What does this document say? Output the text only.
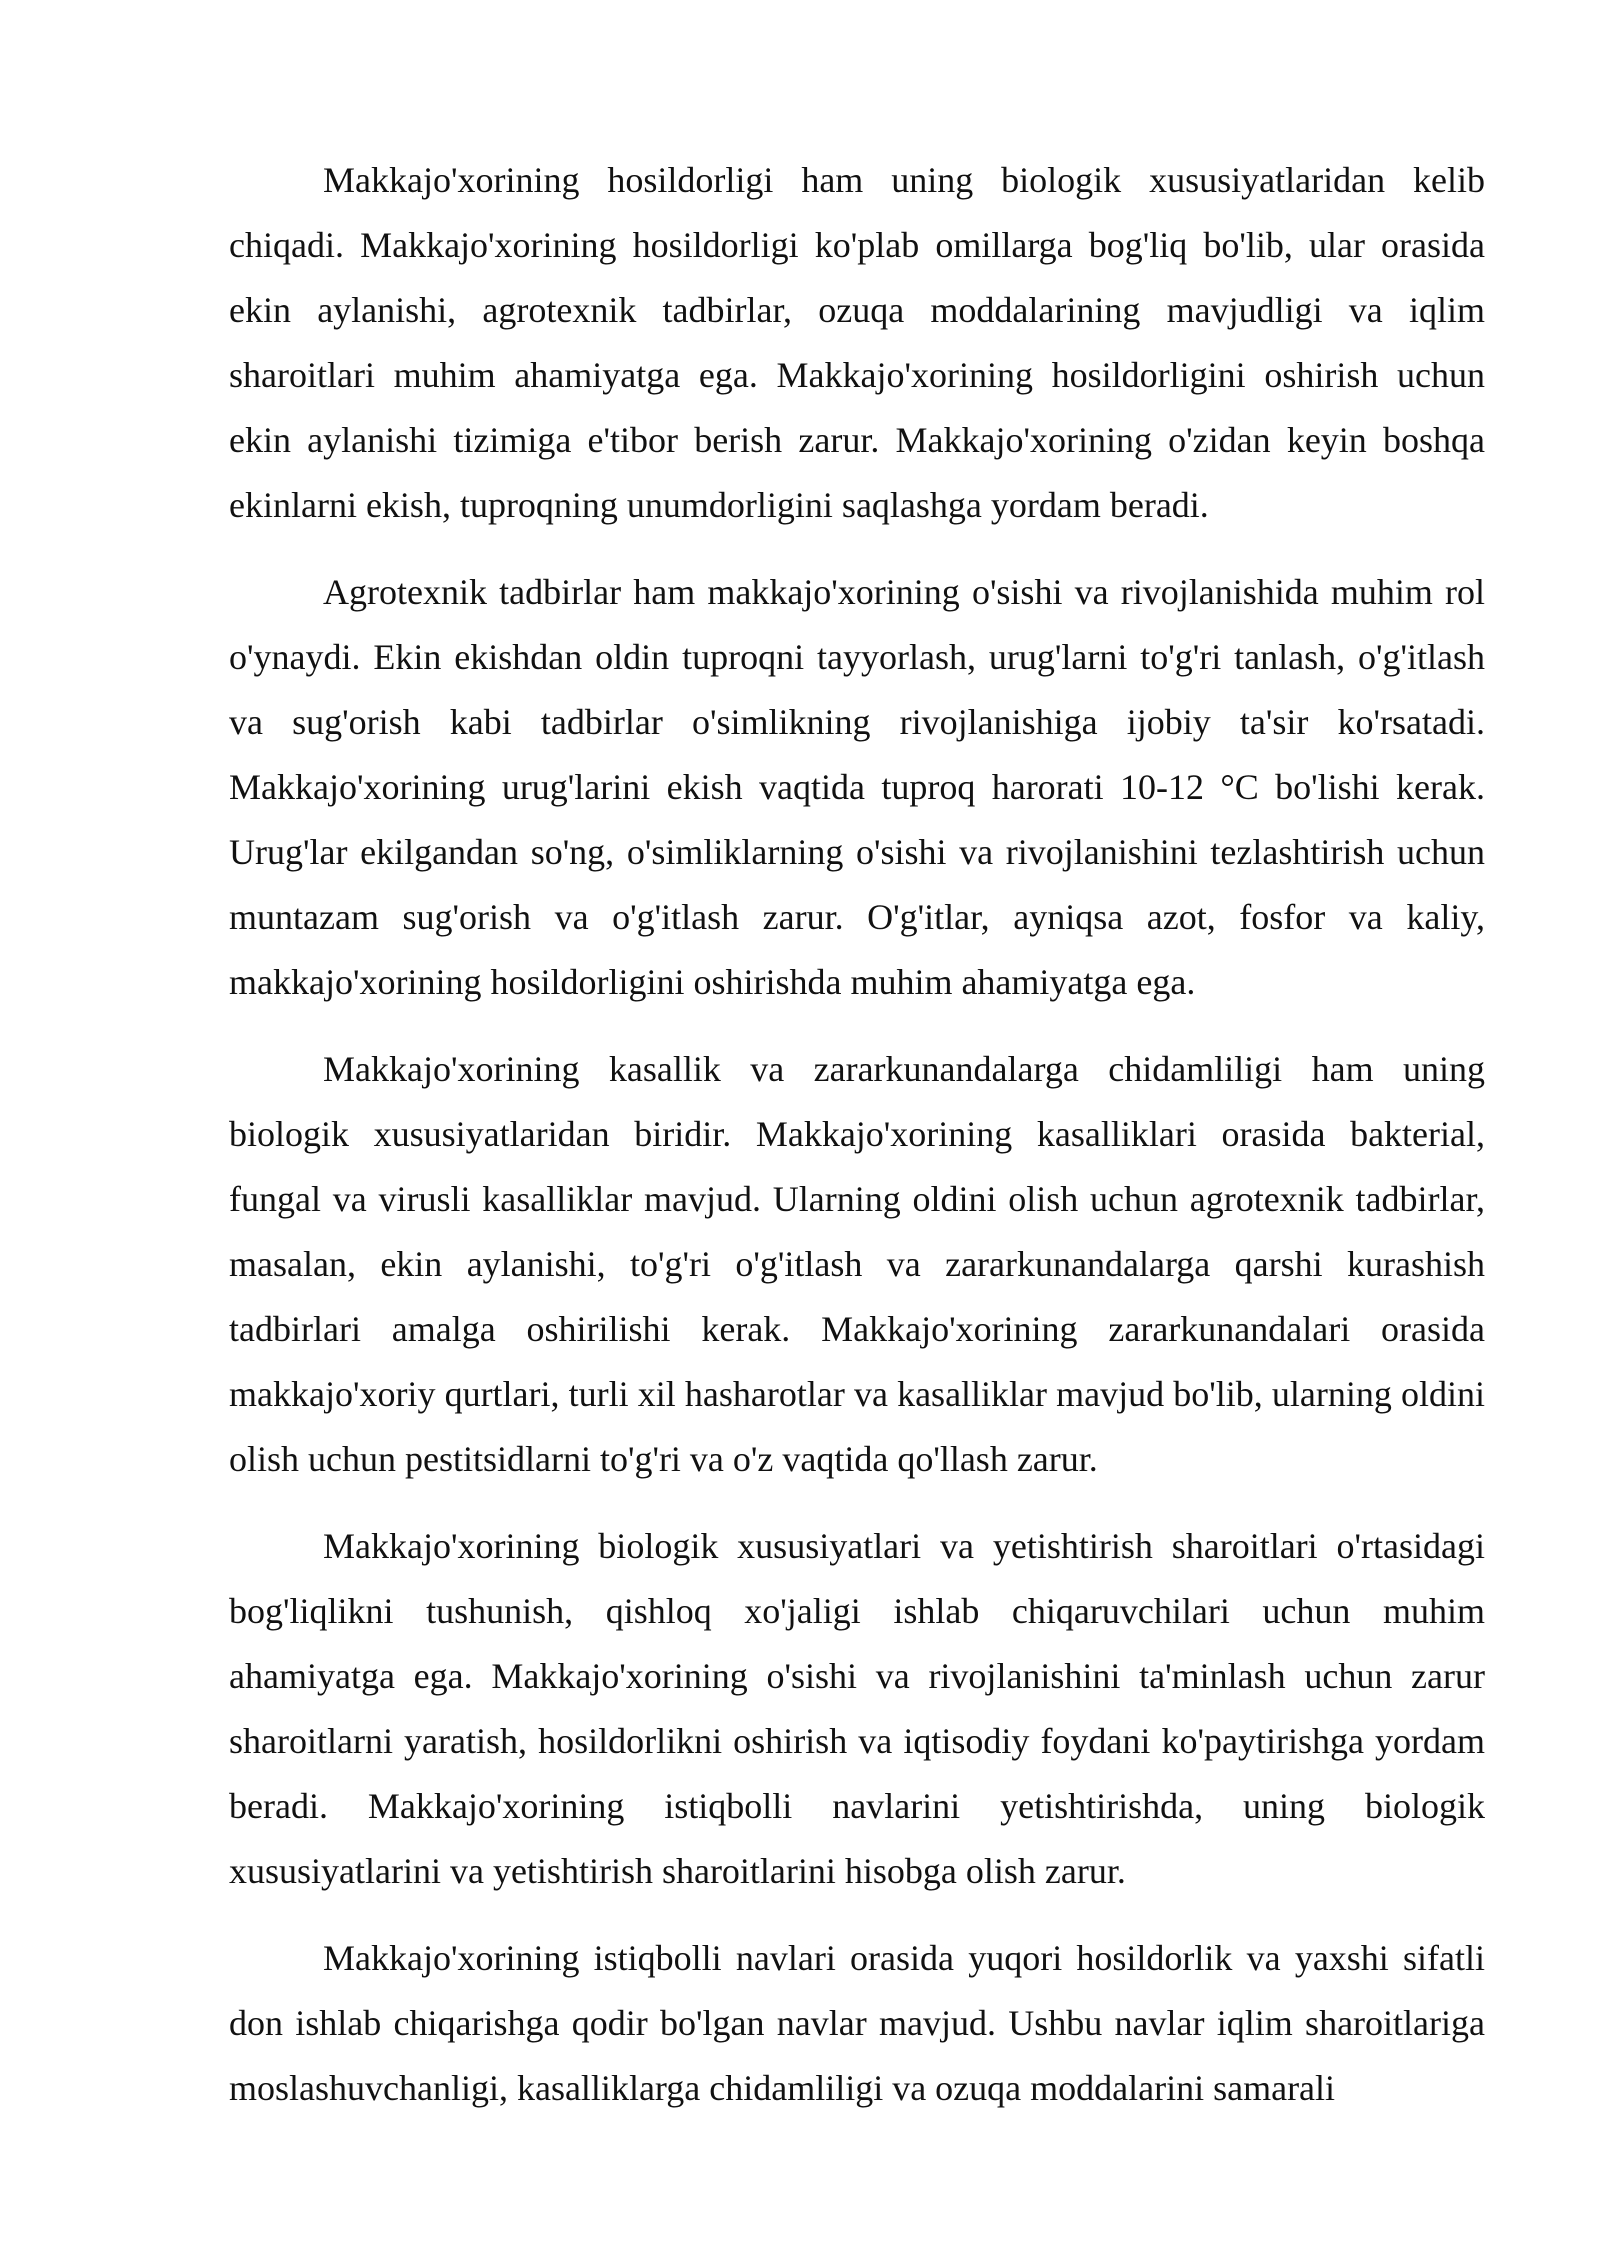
Makkajo'xorining hosildorligi ham uning biologik xususiyatlaridan kelib chiqadi. Makkajo'xorining hosildorligi ko'plab omillarga bog'liq bo'lib, ular orasida ekin aylanishi, agrotexnik tadbirlar, ozuqa moddalarining mavjudligi va iqlim sharoitlari muhim ahamiyatga ega. Makkajo'xorining hosildorligini oshirish uchun ekin aylanishi tizimiga e'tibor berish zarur. Makkajo'xorining o'zidan keyin boshqa ekinlarni ekish, tuproqning unumdorligini saqlashga yordam beradi.

Agrotexnik tadbirlar ham makkajo'xorining o'sishi va rivojlanishida muhim rol o'ynaydi. Ekin ekishdan oldin tuproqni tayyorlash, urug'larni to'g'ri tanlash, o'g'itlash va sug'orish kabi tadbirlar o'simlikning rivojlanishiga ijobiy ta'sir ko'rsatadi. Makkajo'xorining urug'larini ekish vaqtida tuproq harorati 10-12 °C bo'lishi kerak. Urug'lar ekilgandan so'ng, o'simliklarning o'sishi va rivojlanishini tezlashtirish uchun muntazam sug'orish va o'g'itlash zarur. O'g'itlar, ayniqsa azot, fosfor va kaliy, makkajo'xorining hosildorligini oshirishda muhim ahamiyatga ega.

Makkajo'xorining kasallik va zararkunandalarga chidamliligi ham uning biologik xususiyatlaridan biridir. Makkajo'xorining kasalliklari orasida bakterial, fungal va virusli kasalliklar mavjud. Ularning oldini olish uchun agrotexnik tadbirlar, masalan, ekin aylanishi, to'g'ri o'g'itlash va zararkunandalarga qarshi kurashish tadbirlari amalga oshirilishi kerak. Makkajo'xorining zararkunandalari orasida makkajo'xoriy qurtlari, turli xil hasharotlar va kasalliklar mavjud bo'lib, ularning oldini olish uchun pestitsidlarni to'g'ri va o'z vaqtida qo'llash zarur.

Makkajo'xorining biologik xususiyatlari va yetishtirish sharoitlari o'rtasidagi bog'liqlikni tushunish, qishloq xo'jaligi ishlab chiqaruvchilari uchun muhim ahamiyatga ega. Makkajo'xorining o'sishi va rivojlanishini ta'minlash uchun zarur sharoitlarni yaratish, hosildorlikni oshirish va iqtisodiy foydani ko'paytirishga yordam beradi. Makkajo'xorining istiqbolli navlarini yetishtirishda, uning biologik xususiyatlarini va yetishtirish sharoitlarini hisobga olish zarur.

Makkajo'xorining istiqbolli navlari orasida yuqori hosildorlik va yaxshi sifatli don ishlab chiqarishga qodir bo'lgan navlar mavjud. Ushbu navlar iqlim sharoitlariga moslashuvchanligi, kasalliklarga chidamliligi va ozuqa moddalarini samarali
